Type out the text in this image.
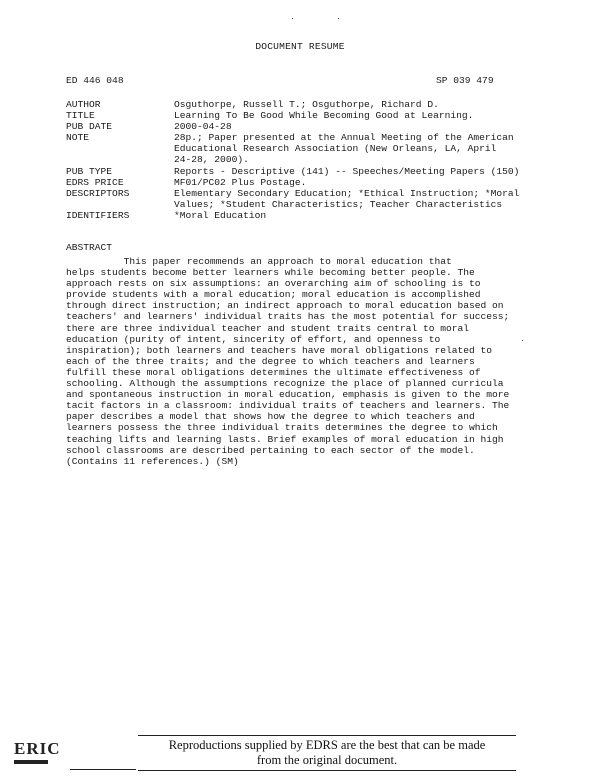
DOCUMENT RESUME
ED 446 048	SP 039 479
AUTHOR	Osguthorpe, Russell T.; Osguthorpe, Richard D.
TITLE	Learning To Be Good While Becoming Good at Learning.
PUB DATE	2000-04-28
NOTE	28p.; Paper presented at the Annual Meeting of the American
Educational Research Association (New Orleans, LA, April
24-28, 2000).
PUB TYPE	Reports - Descriptive (141) -- Speeches/Meeting Papers (150)
EDRS PRICE	MF01/PC02 Plus Postage.
DESCRIPTORS	Elementary Secondary Education; *Ethical Instruction; *Moral
Values; *Student Characteristics; Teacher Characteristics
IDENTIFIERS	*Moral Education
ABSTRACT
This paper recommends an approach to moral education that
helps students become better learners while becoming better people. The
approach rests on six assumptions: an overarching aim of schooling is to
provide students with a moral education; moral education is accomplished
through direct instruction; an indirect approach to moral education based on
teachers' and learners' individual traits has the most potential for success;
there are three individual teacher and student traits central to moral
education (purity of intent, sincerity of effort, and openness to
inspiration); both learners and teachers have moral obligations related to
each of the three traits; and the degree to which teachers and learners
fulfill these moral obligations determines the ultimate effectiveness of
schooling. Although the assumptions recognize the place of planned curricula
and spontaneous instruction in moral education, emphasis is given to the more
tacit factors in a classroom: individual traits of teachers and learners. The
paper describes a model that shows how the degree to which teachers and
learners possess the three individual traits determines the degree to which
teaching lifts and learning lasts. Brief examples of moral education in high
school classrooms are described pertaining to each sector of the model.
(Contains 11 references.) (SM)
ERIC	Reproductions supplied by EDRS are the best that can be made
from the original document.
